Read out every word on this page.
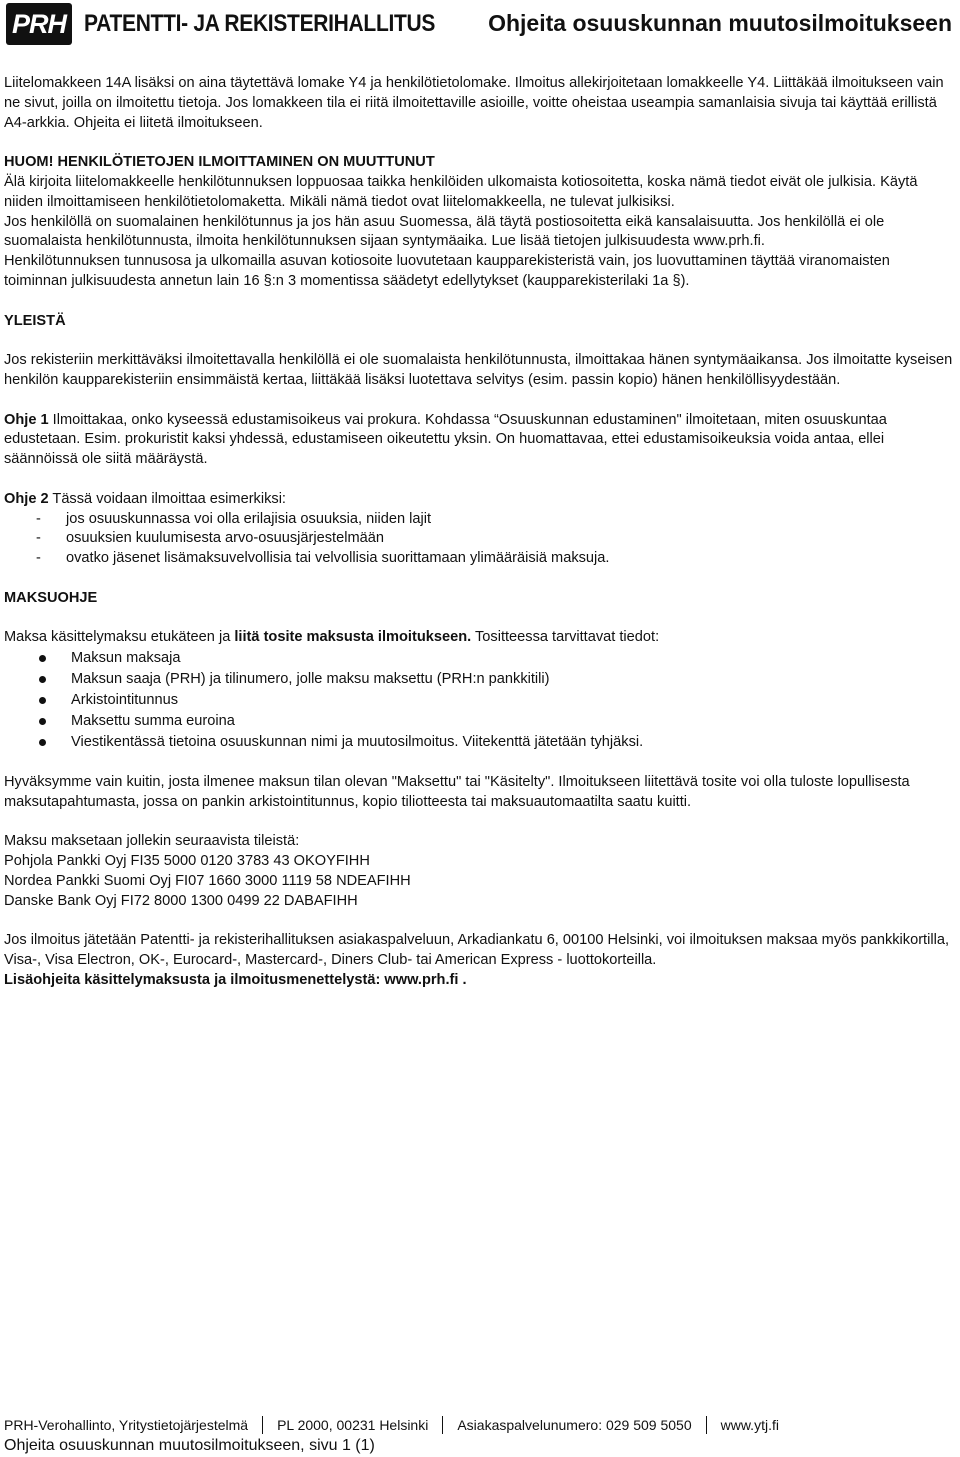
PRH PATENTTI- JA REKISTERIHALLITUS Ohjeita osuuskunnan muutosilmoitukseen

Liitelomakkeen 14A lisäksi on aina täytettävä lomake Y4 ja henkilötietolomake. Ilmoitus allekirjoitetaan lomakkeelle Y4. Liittäkää ilmoitukseen vain ne sivut, joilla on ilmoitettu tietoja. Jos lomakkeen tila ei riitä ilmoitettaville asioille, voitte oheistaa useampia samanlaisia sivuja tai käyttää erillistä A4-arkkia. Ohjeita ei liitetä ilmoitukseen.

HUOM! HENKILÖTIETOJEN ILMOITTAMINEN ON MUUTTUNUT

Älä kirjoita liitelomakkeelle henkilötunnuksen loppuosaa taikka henkilöiden ulkomaista kotiosoitetta, koska nämä tiedot eivät ole julkisia. Käytä niiden ilmoittamiseen henkilötietolomaketta. Mikäli nämä tiedot ovat liitelomakkeella, ne tulevat julkisiksi.

Jos henkilöllä on suomalainen henkilötunnus ja jos hän asuu Suomessa, älä täytä postiosoitetta eikä kansalaisuutta. Jos henkilöllä ei ole suomalaista henkilötunnusta, ilmoita henkilötunnuksen sijaan syntymäaika. Lue lisää tietojen julkisuudesta www.prh.fi.

Henkilötunnuksen tunnusosa ja ulkomailla asuvan kotiosoite luovutetaan kaupparekisteristä vain, jos luovuttaminen täyttää viranomaisten toiminnan julkisuudesta annetun lain 16 §:n 3 momentissa säädetyt edellytykset (kaupparekisterilaki 1a §).

YLEISTÄ

Jos rekisteriin merkittäväksi ilmoitettavalla henkilöllä ei ole suomalaista henkilötunnusta, ilmoittakaa hänen syntymäaikansa. Jos ilmoitatte kyseisen henkilön kaupparekisteriin ensimmäistä kertaa, liittäkää lisäksi luotettava selvitys (esim. passin kopio) hänen henkilöllisyydestään.

Ohje 1 Ilmoittakaa, onko kyseessä edustamisoikeus vai prokura. Kohdassa “Osuuskunnan edustaminen" ilmoitetaan, miten osuuskuntaa edustetaan. Esim. prokuristit kaksi yhdessä, edustamiseen oikeutettu yksin. On huomattavaa, ettei edustamisoikeuksia voida antaa, ellei säännöissä ole siitä määräystä.

Ohje 2 Tässä voidaan ilmoittaa esimerkiksi:

-	jos osuuskunnassa voi olla erilajisia osuuksia, niiden lajit
-	osuuksien kuulumisesta arvo-osuusjärjestelmään
-	ovatko jäsenet lisämaksuvelvollisia tai velvollisia suorittamaan ylimääräisiä maksuja.

MAKSUOHJE

Maksa käsittelymaksu etukäteen ja liitä tosite maksusta ilmoitukseen. Tositteessa tarvittavat tiedot:

Maksun maksaja
Maksun saaja (PRH) ja tilinumero, jolle maksu maksettu (PRH:n pankkitili)
Arkistointitunnus
Maksettu summa euroina
Viestikentässä tietoina osuuskunnan nimi ja muutosilmoitus. Viitekenttä jätetään tyhjäksi.

Hyväksymme vain kuitin, josta ilmenee maksun tilan olevan "Maksettu" tai "Käsitelty". Ilmoitukseen liitettävä tosite voi olla tuloste lopullisesta maksutapahtumasta, jossa on pankin arkistointitunnus, kopio tiliotteesta tai maksuautomaatilta saatu kuitti.

Maksu maksetaan jollekin seuraavista tileistä:

Pohjola Pankki Oyj FI35 5000 0120 3783 43 OKOYFIHH

Nordea Pankki Suomi Oyj FI07 1660 3000 1119 58 NDEAFIHH

Danske Bank Oyj FI72 8000 1300 0499 22 DABAFIHH

Jos ilmoitus jätetään Patentti- ja rekisterihallituksen asiakaspalveluun, Arkadiankatu 6, 00100 Helsinki, voi ilmoituksen maksaa myös pankkikortilla, Visa-, Visa Electron, OK-, Eurocard-, Mastercard-, Diners Club- tai American Express - luottokorteilla.

Lisäohjeita käsittelymaksusta ja ilmoitusmenettelystä: www.prh.fi .

PRH-Verohallinto, Yritystietojärjestelmä PL 2000, 00231 Helsinki Asiakaspalvelunumero: 029 509 5050 www.ytj.fi
Ohjeita osuuskunnan muutosilmoitukseen, sivu 1 (1)
